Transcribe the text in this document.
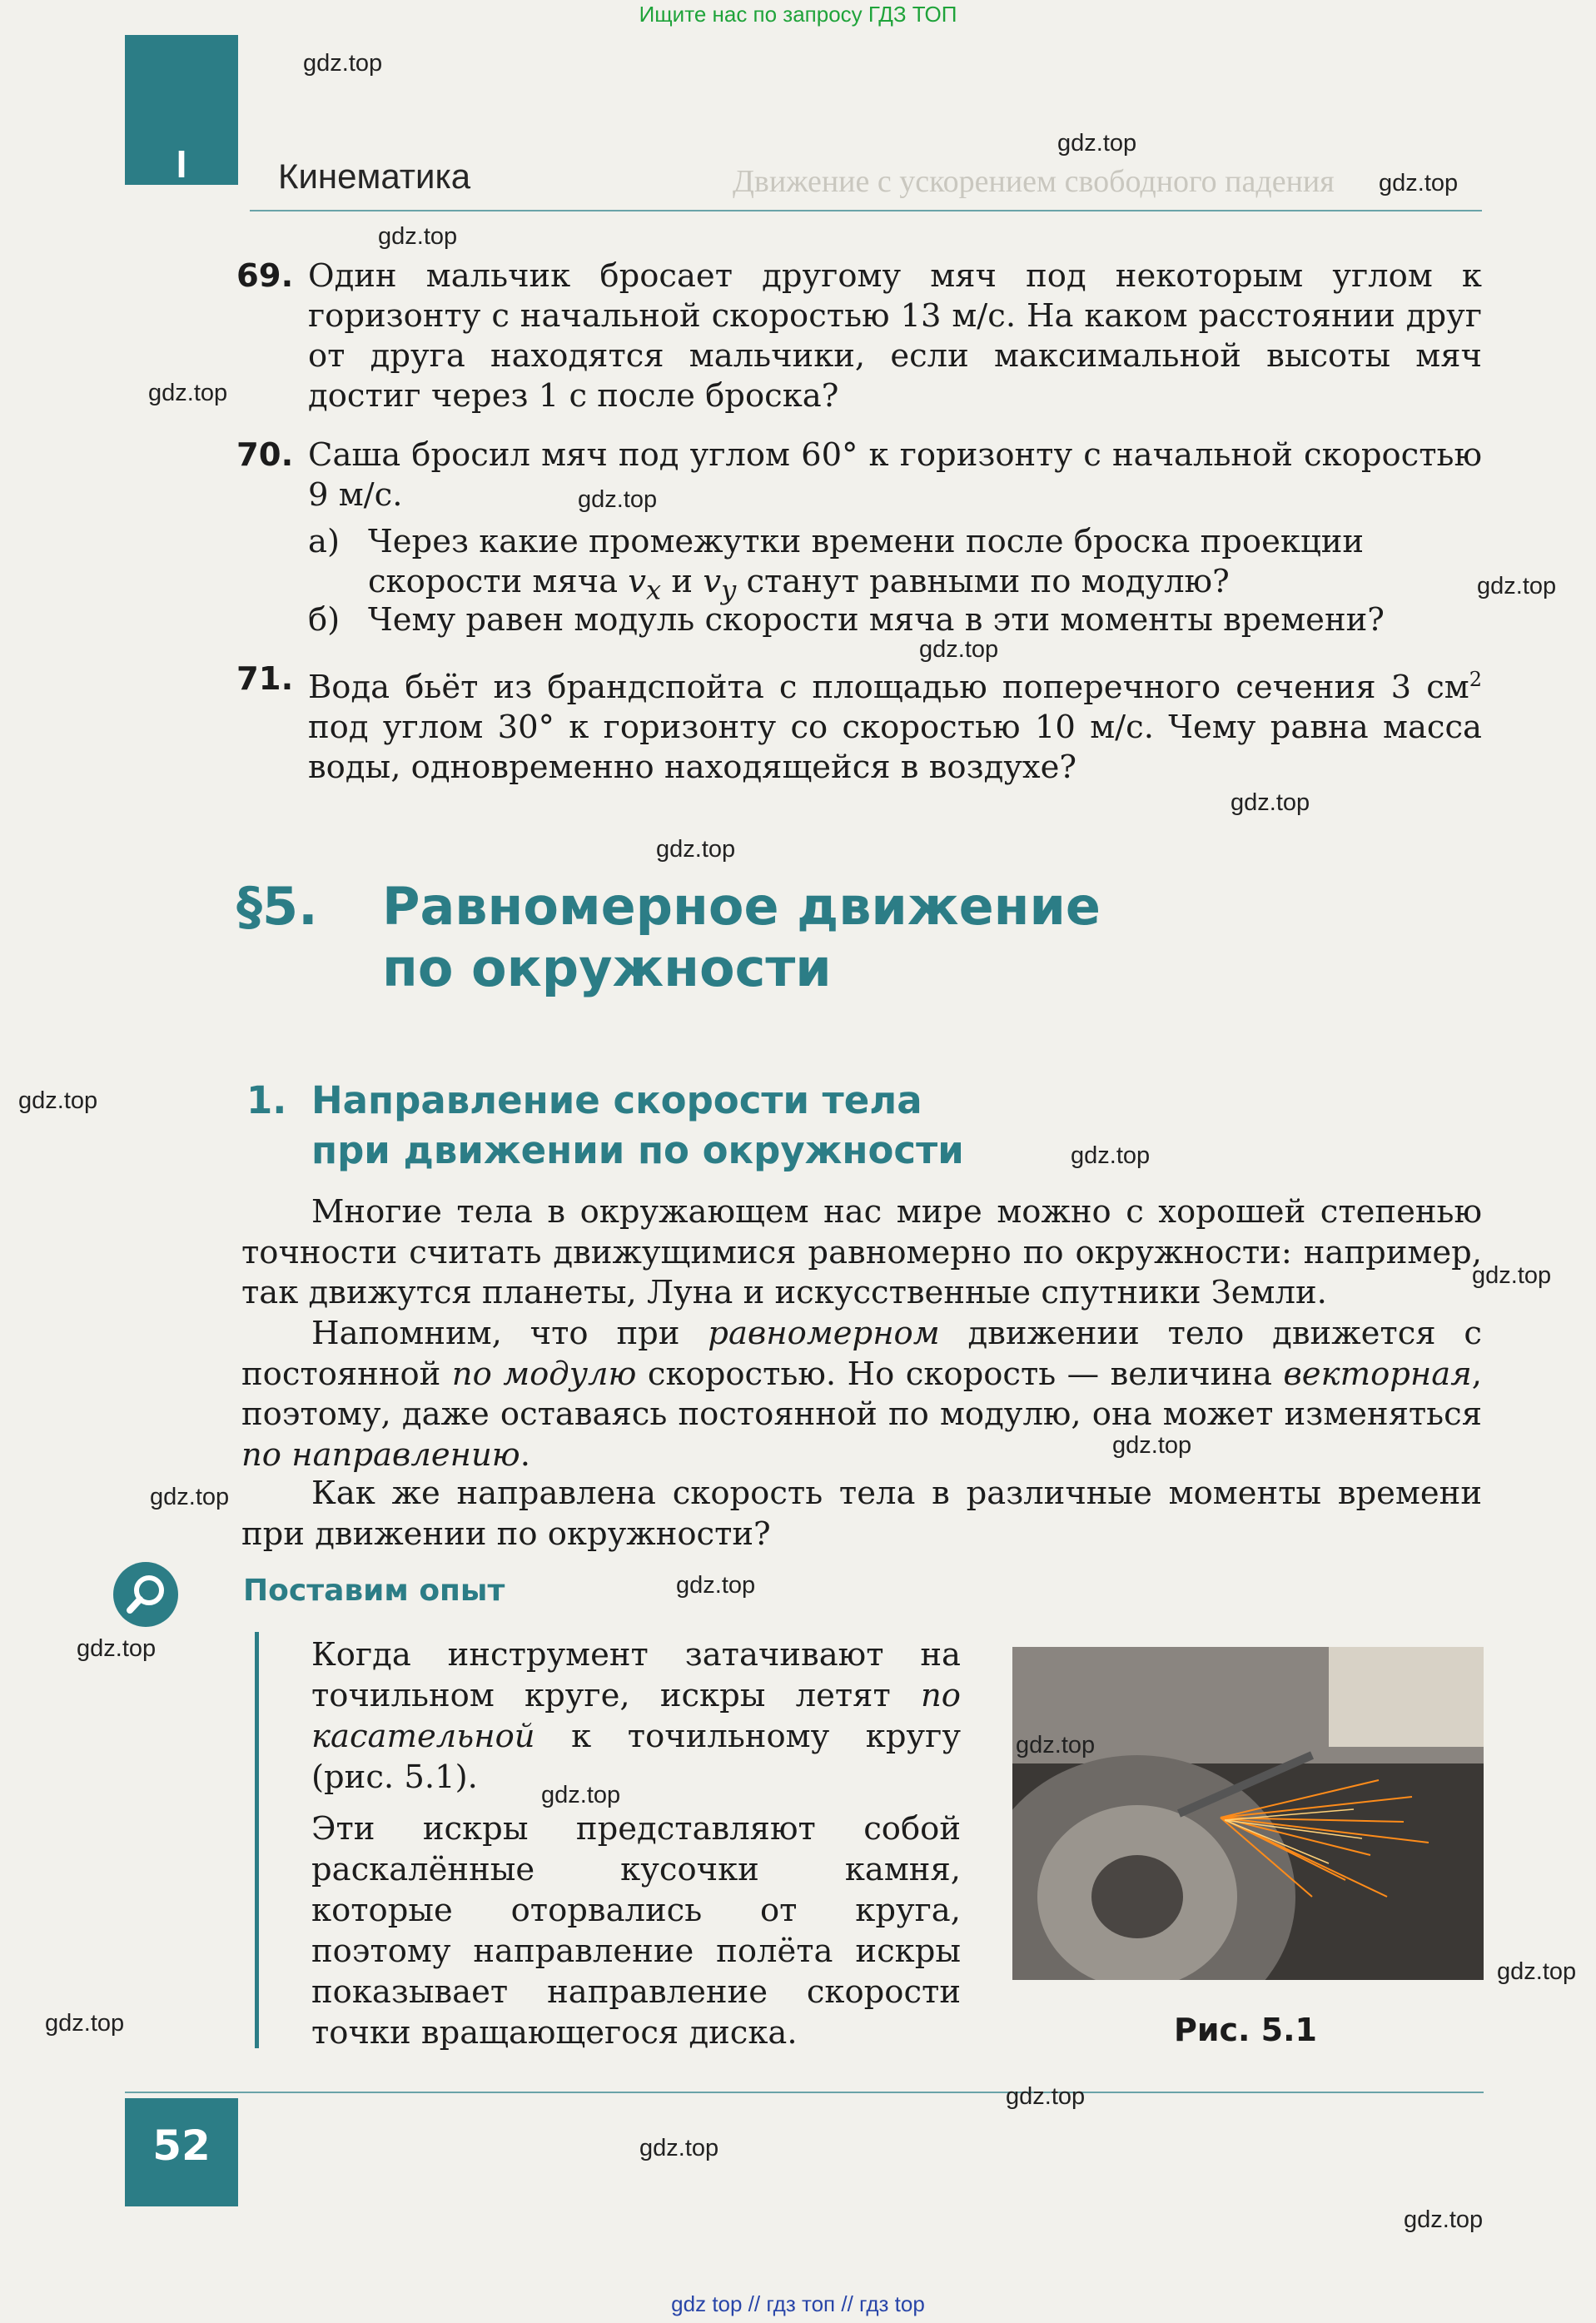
Ищите нас по запросу ГДЗ ТОП
I	Кинематика	Движение с ускорением свободного падения
69. Один мальчик бросает другому мяч под некоторым углом к горизонту с начальной скоростью 13 м/с. На каком расстоянии друг от друга находятся мальчики, если максимальной высоты мяч достиг через 1 с после броска?
70. Саша бросил мяч под углом 60° к горизонту с начальной скоростью 9 м/с.
а) Через какие промежутки времени после броска проекции скорости мяча $v_x$ и $v_y$ станут равными по модулю?
б) Чему равен модуль скорости мяча в эти моменты времени?
71. Вода бьёт из брандспойта с площадью поперечного сечения 3 $см^2$ под углом 30° к горизонту со скоростью 10 м/с. Чему равна масса воды, одновременно находящейся в воздухе?
§5. Равномерное движение
по окружности
1. Направление скорости тела
при движении по окружности
Многие тела в окружающем нас мире можно с хорошей степенью точности считать движущимися равномерно по окружности: например, так движутся планеты, Луна и искусственные спутники Земли.
Напомним, что при равномерном движении тело движется с постоянной по модулю скоростью. Но скорость — величина векторная, поэтому, даже оставаясь постоянной по модулю, она может изменяться по направлению.
Как же направлена скорость тела в различные моменты времени при движении по окружности?
Поставим опыт
Когда инструмент затачивают на точильном круге, искры летят по касательной к точильному кругу (рис. 5.1).
Эти искры представляют собой раскалённые кусочки камня, которые оторвались от круга, поэтому направление полёта искры показывает направление скорости точки вращающегося диска.	Рис. 5.1
52
gdz.top
gdz.top
gdz.top
gdz.top
gdz.top
gdz.top
gdz.top
gdz.top
gdz.top
gdz.top
gdz.top
gdz.top
gdz.top
gdz.top
gdz.top
gdz.top
gdz.top
gdz.top
gdz.top
gdz.top
gdz.top
gdz.top
gdz.top
gdz.top
gdz top // гдз топ // гдз top
